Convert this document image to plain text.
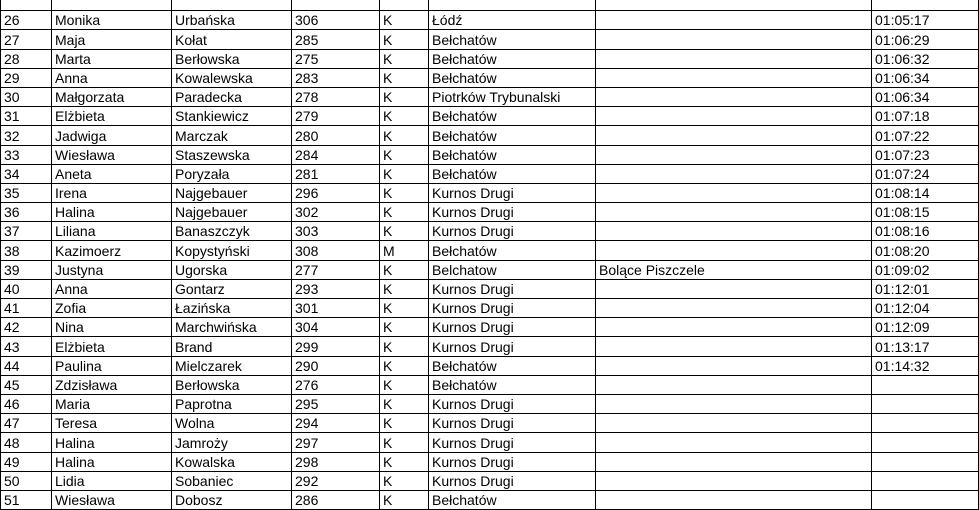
26	Monika	Urbańska	306	K	Łódź		01:05:17
27	Maja	Kołat	285	K	Bełchatów		01:06:29
28	Marta	Berłowska	275	K	Bełchatów		01:06:32
29	Anna	Kowalewska	283	K	Bełchatów		01:06:34
30	Małgorzata	Paradecka	278	K	Piotrków Trybunalski		01:06:34
31	Elżbieta	Stankiewicz	279	K	Bełchatów		01:07:18
32	Jadwiga	Marczak	280	K	Bełchatów		01:07:22
33	Wiesława	Staszewska	284	K	Bełchatów		01:07:23
34	Aneta	Poryzała	281	K	Bełchatów		01:07:24
35	Irena	Najgebauer	296	K	Kurnos Drugi		01:08:14
36	Halina	Najgebauer	302	K	Kurnos Drugi		01:08:15
37	Liliana	Banaszczyk	303	K	Kurnos Drugi		01:08:16
38	Kazimoerz	Kopystyński	308	M	Bełchatów		01:08:20
39	Justyna	Ugorska	277	K	Belchatow	Bolące Piszczele	01:09:02
40	Anna	Gontarz	293	K	Kurnos Drugi		01:12:01
41	Zofia	Łazińska	301	K	Kurnos Drugi		01:12:04
42	Nina	Marchwińska	304	K	Kurnos Drugi		01:12:09
43	Elżbieta	Brand	299	K	Kurnos Drugi		01:13:17
44	Paulina	Mielczarek	290	K	Bełchatów		01:14:32
45	Zdzisława	Berłowska	276	K	Bełchatów		
46	Maria	Paprotna	295	K	Kurnos Drugi		
47	Teresa	Wolna	294	K	Kurnos Drugi		
48	Halina	Jamroży	297	K	Kurnos Drugi		
49	Halina	Kowalska	298	K	Kurnos Drugi		
50	Lidia	Sobaniec	292	K	Kurnos Drugi		
51	Wiesława	Dobosz	286	K	Bełchatów		
